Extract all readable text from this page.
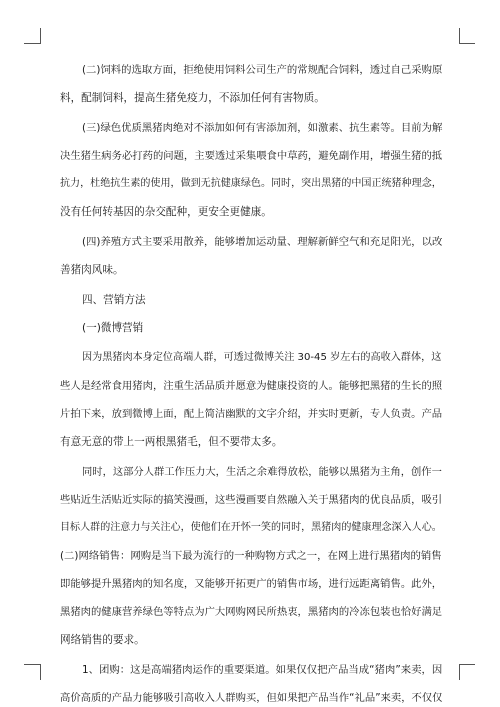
(二)饲料的选取方面，拒绝使用饲料公司生产的常规配合饲料，透过自己采购原
料，配制饲料，提高生猪免疫力，不添加任何有害物质。
(三)绿色优质黑猪肉绝对不添加如何有害添加剂，如激素、抗生素等。目前为解
决生猪生病务必打药的问题，主要透过采集喂食中草药，避免副作用，增强生猪的抵
抗力，杜绝抗生素的使用，做到无抗健康绿色。同时，突出黑猪的中国正统猪种理念，
没有任何转基因的杂交配种，更安全更健康。
(四)养殖方式主要采用散养，能够增加运动量、理解新鲜空气和充足阳光，以改
善猪肉风味。
四、营销方法
(一)微博营销
因为黑猪肉本身定位高端人群，可透过微博关注 30-45 岁左右的高收入群体，这
些人是经常食用猪肉，注重生活品质并愿意为健康投资的人。能够把黑猪的生长的照
片拍下来，放到微博上面，配上简洁幽默的文字介绍，并实时更新，专人负责。产品
有意无意的带上一两根黑猪毛，但不要带太多。
同时，这部分人群工作压力大，生活之余难得放松，能够以黑猪为主角，创作一
些贴近生活贴近实际的搞笑漫画，这些漫画要自然融入关于黑猪肉的优良品质，吸引
目标人群的注意力与关注心，使他们在开怀一笑的同时，黑猪肉的健康理念深入人心。
(二)网络销售：网购是当下最为流行的一种购物方式之一，在网上进行黑猪肉的销售
即能够提升黑猪肉的知名度，又能够开拓更广的销售市场，进行远距离销售。此外，
黑猪肉的健康营养绿色等特点为广大网购网民所热衷，黑猪肉的冷冻包装也恰好满足
网络销售的要求。
1、团购：这是高端猪肉运作的重要渠道。如果仅仅把产品当成“猪肉”来卖，因
高价高质的产品力能够吸引高收入人群购买，但如果把产品当作“礼品”来卖，不仅仅
